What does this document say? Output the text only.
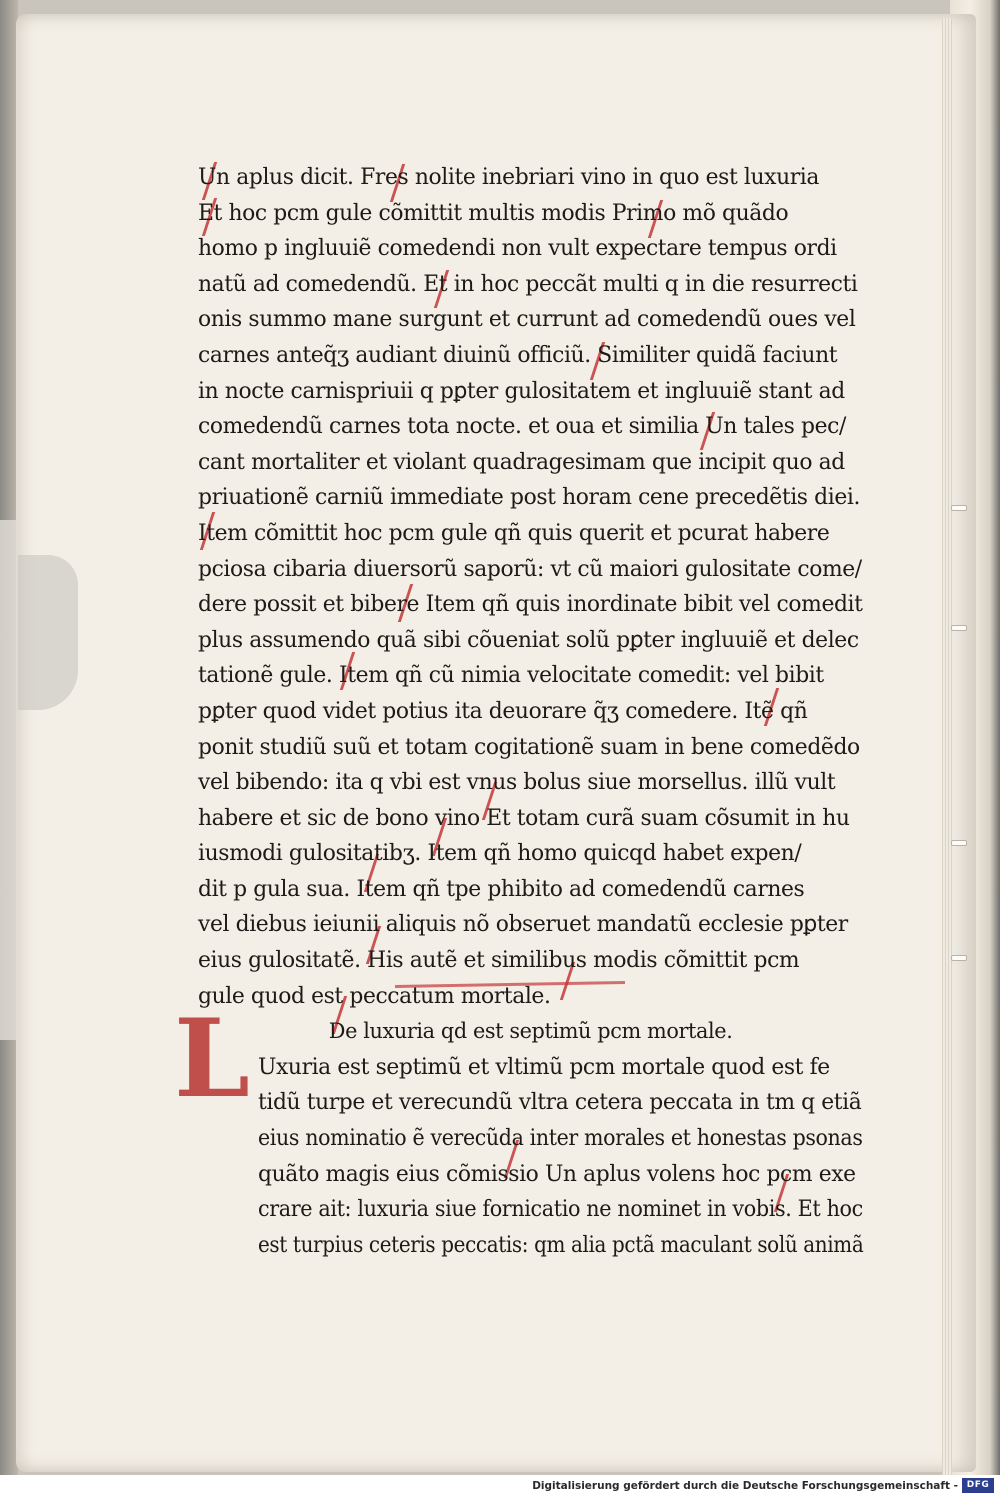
L
Un aplus dicit. Fres nolite inebriari vino in quo est luxuria
Et hoc pcm gule cõmittit multis modis Primo mõ quãdo
homo p ingluuiẽ comedendi non vult expectare tempus ordi
natũ ad comedendũ. Et in hoc peccãt multi q in die resurrecti
onis summo mane surgunt et currunt ad comedendũ oues vel
carnes anteq̃ʒ audiant diuinũ officiũ. Similiter quidã faciunt
in nocte carnispriuii q pꝑter gulositatem et ingluuiẽ stant ad
comedendũ carnes tota nocte. et oua et similia Un tales pec/
cant mortaliter et violant quadragesimam que incipit quo ad
priuationẽ carniũ immediate post horam cene precedẽtis diei.
Item cõmittit hoc pcm gule qñ quis querit et pcurat habere
pciosa cibaria diuersorũ saporũ: vt cũ maiori gulositate come/
dere possit et bibere Item qñ quis inordinate bibit vel comedit
plus assumendo quã sibi cõueniat solũ pꝑter ingluuiẽ et delec
tationẽ gule. Item qñ cũ nimia velocitate comedit: vel bibit
pꝑter quod videt potius ita deuorare q̃ʒ comedere. Itẽ qñ
ponit studiũ suũ et totam cogitationẽ suam in bene comedẽdo
vel bibendo: ita q vbi est vnus bolus siue morsellus. illũ vult
habere et sic de bono vino Et totam curã suam cõsumit in hu
iusmodi gulositatibʒ. Item qñ homo quicqd habet expen/
dit p gula sua. Item qñ tpe phibito ad comedendũ carnes
vel diebus ieiunii aliquis nõ obseruet mandatũ ecclesie pꝑter
eius gulositatẽ. His autẽ et similibus modis cõmittit pcm
gule quod est peccatum mortale.
De luxuria qd est septimũ pcm mortale.
Uxuria est septimũ et vltimũ pcm mortale quod est fe
tidũ turpe et verecundũ vltra cetera peccata in tm q etiã
eius nominatio ẽ verecũda inter morales et honestas psonas
quãto magis eius cõmissio Un aplus volens hoc pcm exe
crare ait: luxuria siue fornicatio ne nominet in vobis. Et hoc
est turpius ceteris peccatis: qm alia pctã maculant solũ animã
Digitalisierung gefördert durch die Deutsche Forschungsgemeinschaft - DFG
